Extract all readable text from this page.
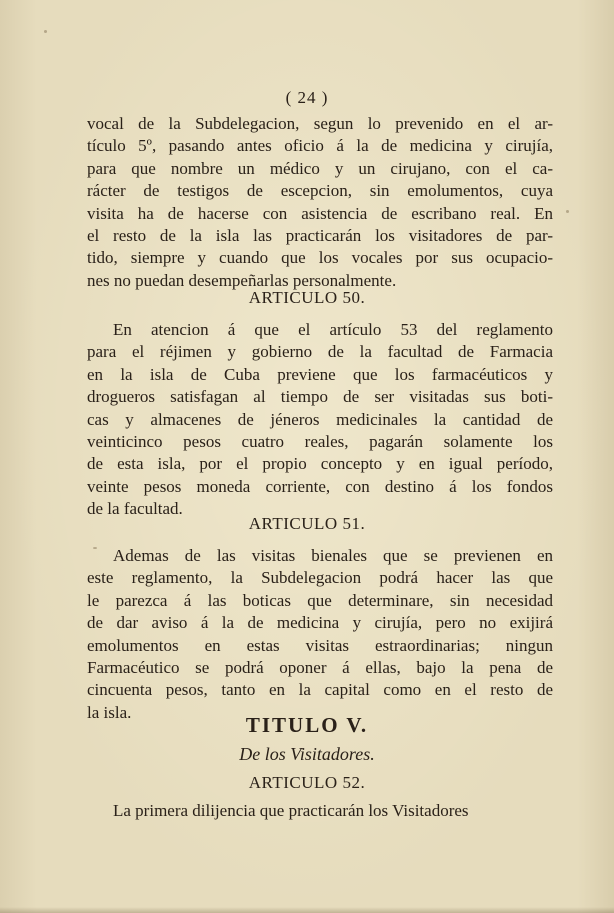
( 24 )
vocal de la Subdelegacion, segun lo prevenido en el ar-
tículo 5º, pasando antes oficio á la de medicina y cirujía,
para que nombre un médico y un cirujano, con el ca-
rácter de testigos de escepcion, sin emolumentos, cuya
visita ha de hacerse con asistencia de escribano real. En
el resto de la isla las practicarán los visitadores de par-
tido, siempre y cuando que los vocales por sus ocupacio-
nes no puedan desempeñarlas personalmente.
ARTICULO 50.
En atencion á que el artículo 53 del reglamento
para el réjimen y gobierno de la facultad de Farmacia
en la isla de Cuba previene que los farmacéuticos y
drogueros satisfagan al tiempo de ser visitadas sus boti-
cas y almacenes de jéneros medicinales la cantidad de
veinticinco pesos cuatro reales, pagarán solamente los
de esta isla, por el propio concepto y en igual período,
veinte pesos moneda corriente, con destino á los fondos
de la facultad.
ARTICULO 51.
Ademas de las visitas bienales que se previenen en
este reglamento, la Subdelegacion podrá hacer las que
le parezca á las boticas que determinare, sin necesidad
de dar aviso á la de medicina y cirujía, pero no exijirá
emolumentos en estas visitas estraordinarias; ningun
Farmacéutico se podrá oponer á ellas, bajo la pena de
cincuenta pesos, tanto en la capital como en el resto de
la isla.
TITULO V.
De los Visitadores.
ARTICULO 52.
La primera dilijencia que practicarán los Visitadores
